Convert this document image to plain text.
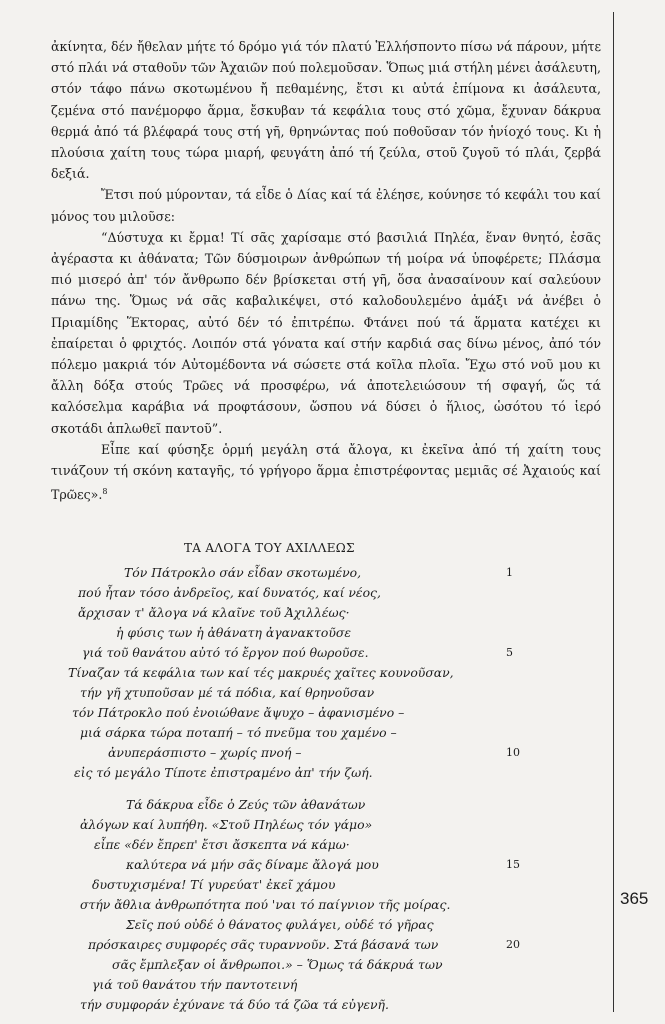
ἀκίνητα, δέν ἤθελαν μήτε τό δρόμο γιά τόν πλατύ Ἑλλήσποντο πίσω νά πάρουν, μήτε στό πλάι νά σταθοῦν τῶν Ἀχαιῶν πού πολεμοῦσαν. Ὅπως μιά στήλη μένει ἀσάλευτη, στόν τάφο πάνω σκοτωμένου ἤ πεθαμένης, ἔτσι κι αὐτά ἐπίμονα κι ἀσάλευτα, ζεμένα στό πανέμορφο ἅρμα, ἔσκυβαν τά κεφάλια τους στό χῶμα, ἔχυναν δάκρυα θερμά ἀπό τά βλέφαρά τους στή γῆ, θρηνώντας πού ποθοῦσαν τόν ἡνίοχό τους. Κι ἡ πλούσια χαίτη τους τώρα μιαρή, φευγάτη ἀπό τή ζεύλα, στοῦ ζυγοῦ τό πλάι, ζερβά δεξιά.

Ἔτσι πού μύρονταν, τά εἶδε ὁ Δίας καί τά ἐλέησε, κούνησε τό κεφάλι του καί μόνος του μιλοῦσε:

“Δύστυχα κι ἔρμα! Τί σᾶς χαρίσαμε στό βασιλιά Πηλέα, ἕναν θνητό, ἐσᾶς ἀγέραστα κι ἀθάνατα; Τῶν δύσμοιρων ἀνθρώπων τή μοίρα νά ὑποφέρετε; Πλάσμα πιό μισερό ἀπ' τόν ἄνθρωπο δέν βρίσκεται στή γῆ, ὅσα ἀνασαίνουν καί σαλεύουν πάνω της. Ὅμως νά σᾶς καβαλικέψει, στό καλοδουλεμένο ἁμάξι νά ἀνέβει ὁ Πριαμίδης Ἕκτορας, αὐτό δέν τό ἐπιτρέπω. Φτάνει πού τά ἅρματα κατέχει κι ἐπαίρεται ὁ φριχτός. Λοιπόν στά γόνατα καί στήν καρδιά σας δίνω μένος, ἀπό τόν πόλεμο μακριά τόν Αὐτομέδοντα νά σώσετε στά κοῖλα πλοῖα. Ἔχω στό νοῦ μου κι ἄλλη δόξα στούς Τρῶες νά προσφέρω, νά ἀποτελειώσουν τή σφαγή, ὥς τά καλόσελμα καράβια νά προφτάσουν, ὥσπου νά δύσει ὁ ἥλιος, ὡσότου τό ἱερό σκοτάδι ἁπλωθεῖ παντοῦ”.

Εἶπε καί φύσηξε ὁρμή μεγάλη στά ἄλογα, κι ἐκεῖνα ἀπό τή χαίτη τους τινάζουν τή σκόνη καταγῆς, τό γρήγορο ἅρμα ἐπιστρέφοντας μεμιᾶς σέ Ἀχαιούς καί Τρῶες».$^8$

ΤΑ ΑΛΟΓΑ ΤΟΥ ΑΧΙΛΛΕΩΣ
Τόν Πάτροκλο σάν εἶδαν σκοτωμένο,	1
πού ἦταν τόσο ἀνδρεῖος, καί δυνατός, καί νέος,
ἄρχισαν τ' ἄλογα νά κλαῖνε τοῦ Ἀχιλλέως·
ἡ φύσις των ἡ ἀθάνατη ἀγανακτοῦσε
γιά τοῦ θανάτου αὐτό τό ἔργον πού θωροῦσε.	5
Τίναζαν τά κεφάλια των καί τές μακρυές χαῖτες κουνοῦσαν,
τήν γῆ χτυποῦσαν μέ τά πόδια, καί θρηνοῦσαν
τόν Πάτροκλο πού ἐνοιώθανε ἄψυχο – ἀφανισμένο –
μιά σάρκα τώρα ποταπή – τό πνεῦμα του χαμένο –
ἀνυπεράσπιστο – χωρίς πνοή –	10
εἰς τό μεγάλο Τίποτε ἐπιστραμένο ἀπ' τήν ζωή.
Τά δάκρυα εἶδε ὁ Ζεύς τῶν ἀθανάτων
ἀλόγων καί λυπήθη. «Στοῦ Πηλέως τόν γάμο»
εἶπε «δέν ἔπρεπ' ἔτσι ἄσκεπτα νά κάμω·
καλύτερα νά μήν σᾶς δίναμε ἄλογά μου	15
δυστυχισμένα! Τί γυρεύατ' ἐκεῖ χάμου
στήν ἄθλια ἀνθρωπότητα πού 'ναι τό παίγνιον τῆς μοίρας.
Σεῖς πού οὐδέ ὁ θάνατος φυλάγει, οὐδέ τό γῆρας
πρόσκαιρες συμφορές σᾶς τυραννοῦν. Στά βάσανά των	20
σᾶς ἔμπλεξαν οἱ ἄνθρωποι.» – Ὅμως τά δάκρυά των
γιά τοῦ θανάτου τήν παντοτεινή
τήν συμφοράν ἐχύνανε τά δύο τά ζῶα τά εὐγενῆ.
365
